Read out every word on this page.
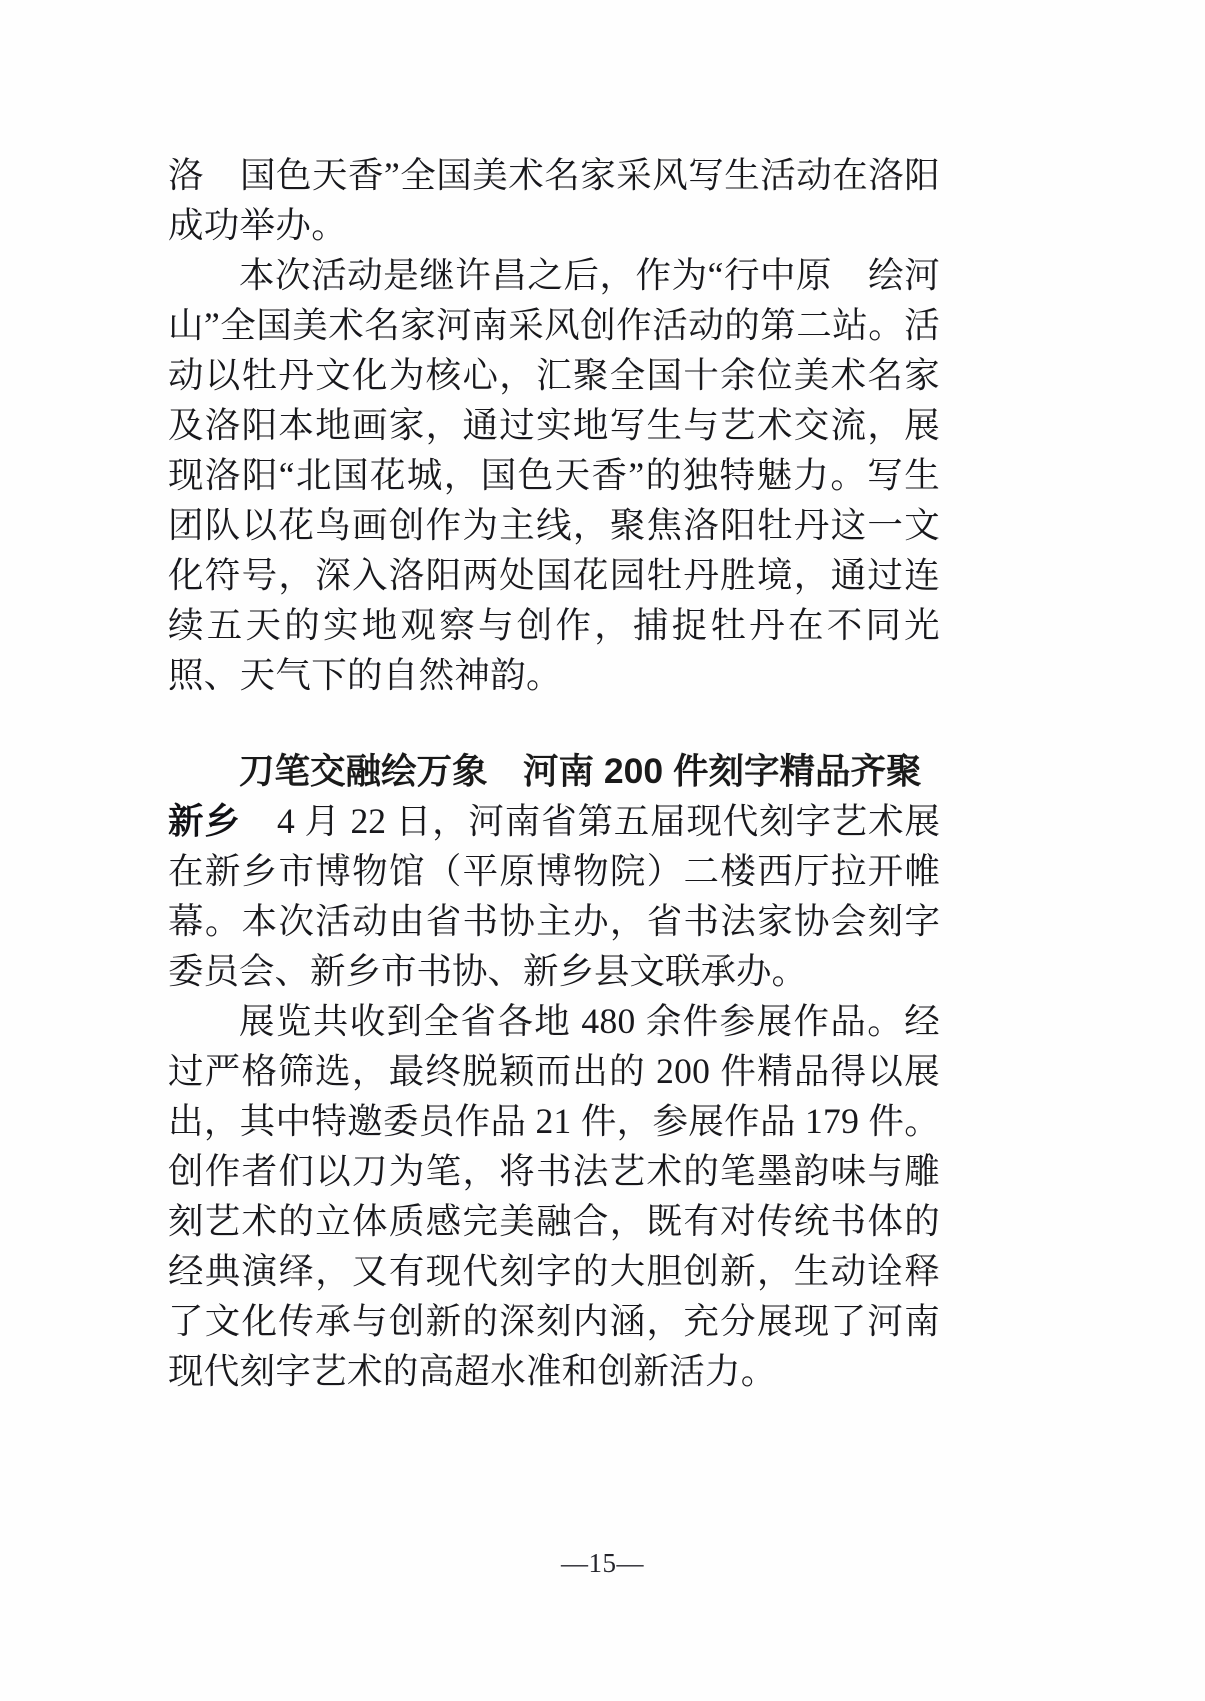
洛　国色天香”全国美术名家采风写生活动在洛阳成功举办。

本次活动是继许昌之后，作为“行中原　绘河山”全国美术名家河南采风创作活动的第二站。活动以牡丹文化为核心，汇聚全国十余位美术名家及洛阳本地画家，通过实地写生与艺术交流，展现洛阳“北国花城，国色天香”的独特魅力。写生团队以花鸟画创作为主线，聚焦洛阳牡丹这一文化符号，深入洛阳两处国花园牡丹胜境，通过连续五天的实地观察与创作，捕捉牡丹在不同光照、天气下的自然神韵。

刀笔交融绘万象　河南 200 件刻字精品齐聚

新乡　4 月 22 日，河南省第五届现代刻字艺术展在新乡市博物馆（平原博物院）二楼西厅拉开帷幕。本次活动由省书协主办，省书法家协会刻字委员会、新乡市书协、新乡县文联承办。

展览共收到全省各地 480 余件参展作品。经过严格筛选，最终脱颖而出的 200 件精品得以展出，其中特邀委员作品 21 件，参展作品 179 件。创作者们以刀为笔，将书法艺术的笔墨韵味与雕刻艺术的立体质感完美融合，既有对传统书体的经典演绎，又有现代刻字的大胆创新，生动诠释了文化传承与创新的深刻内涵，充分展现了河南现代刻字艺术的高超水准和创新活力。

—15—
